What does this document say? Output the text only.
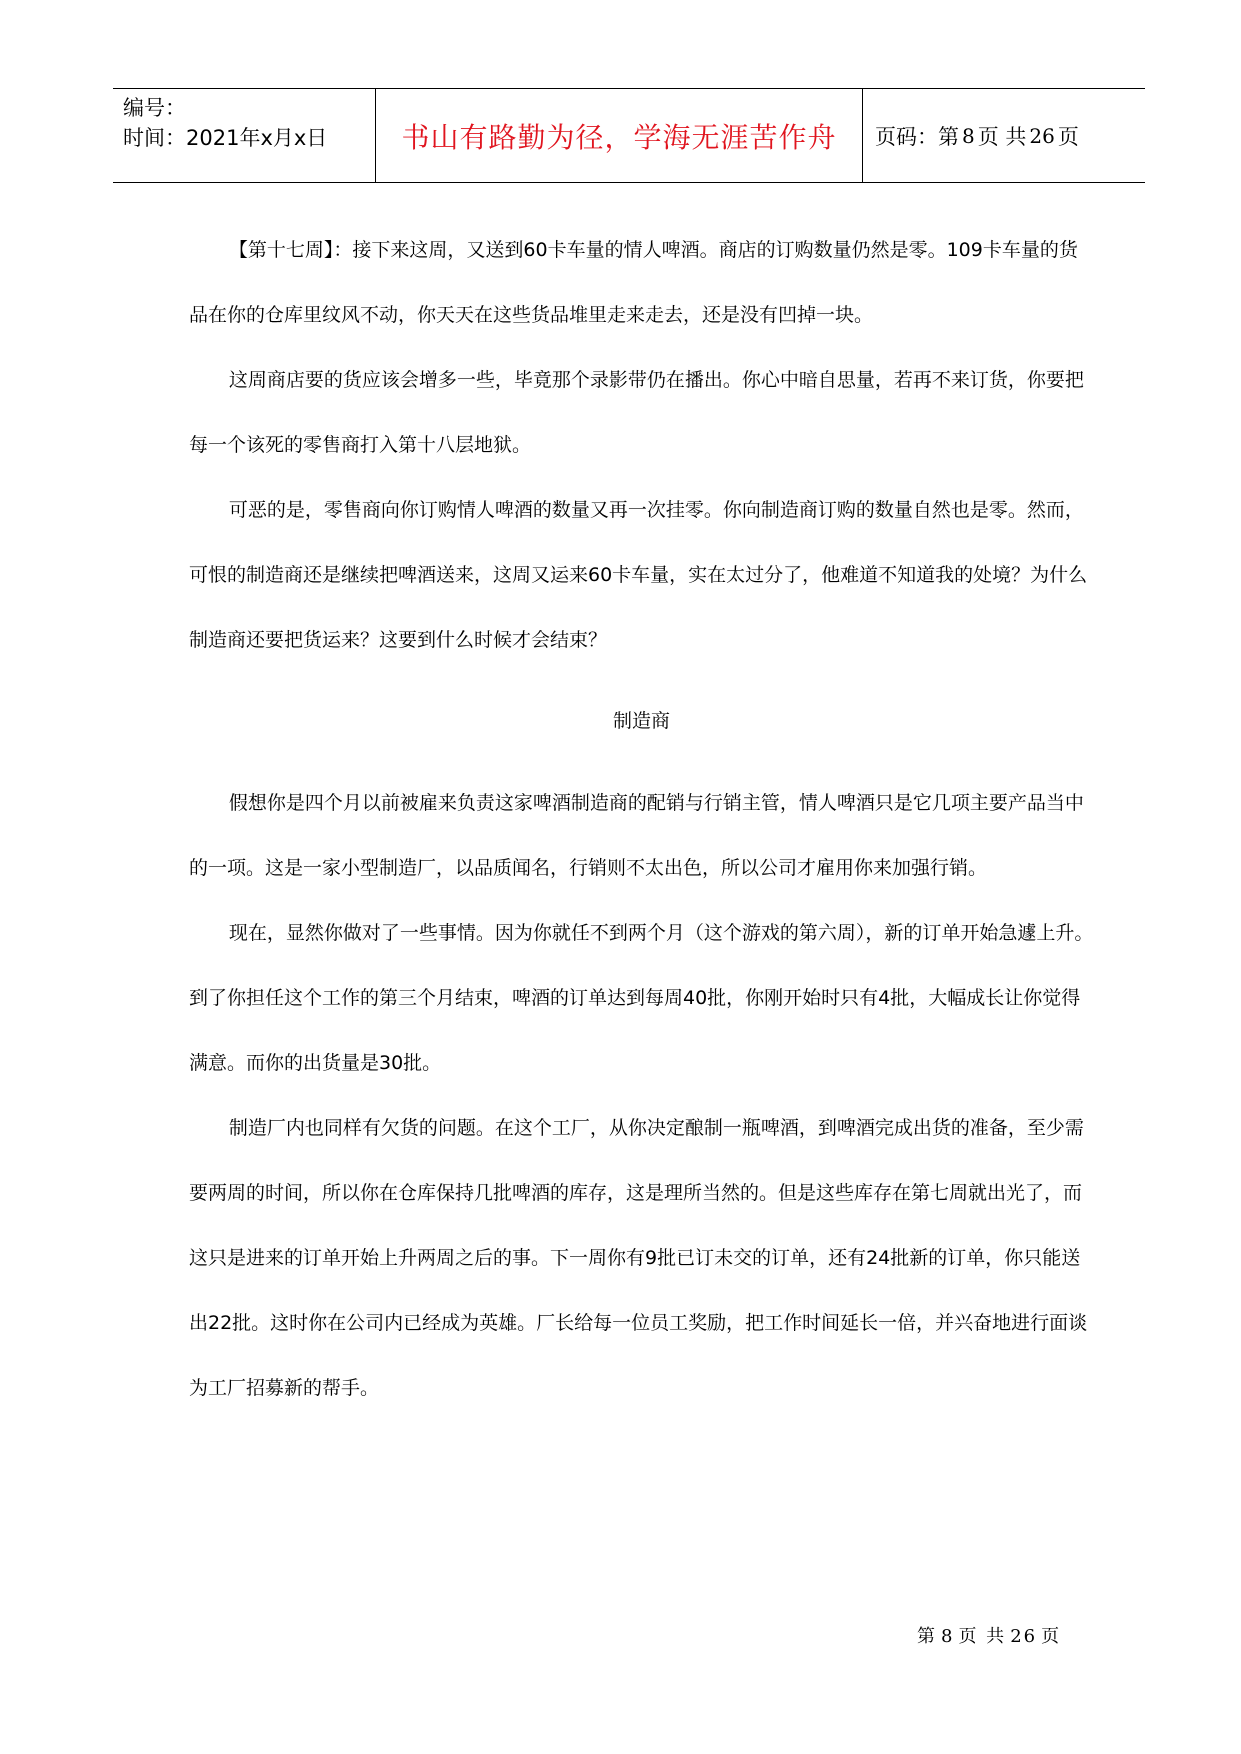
编号：
时间：2021年x月x日	书山有路勤为径，学海无涯苦作舟	页码：第 8 页 共 26 页

【第十七周】：接下来这周，又送到60卡车量的情人啤酒。商店的订购数量仍然是零。109卡车量的货品在你的仓库里纹风不动，你天天在这些货品堆里走来走去，还是没有凹掉一块。

这周商店要的货应该会增多一些，毕竟那个录影带仍在播出。你心中暗自思量，若再不来订货，你要把每一个该死的零售商打入第十八层地狱。

可恶的是，零售商向你订购情人啤酒的数量又再一次挂零。你向制造商订购的数量自然也是零。然而，可恨的制造商还是继续把啤酒送来，这周又运来60卡车量，实在太过分了，他难道不知道我的处境？为什么制造商还要把货运来？这要到什么时候才会结束？

制造商

假想你是四个月以前被雇来负责这家啤酒制造商的配销与行销主管，情人啤酒只是它几项主要产品当中的一项。这是一家小型制造厂，以品质闻名，行销则不太出色，所以公司才雇用你来加强行销。

现在，显然你做对了一些事情。因为你就任不到两个月（这个游戏的第六周），新的订单开始急遽上升。到了你担任这个工作的第三个月结束，啤酒的订单达到每周40批，你刚开始时只有4批，大幅成长让你觉得满意。而你的出货量是30批。

制造厂内也同样有欠货的问题。在这个工厂，从你决定酿制一瓶啤酒，到啤酒完成出货的准备，至少需要两周的时间，所以你在仓库保持几批啤酒的库存，这是理所当然的。但是这些库存在第七周就出光了，而这只是进来的订单开始上升两周之后的事。下一周你有9批已订未交的订单，还有24批新的订单，你只能送出22批。这时你在公司内已经成为英雄。厂长给每一位员工奖励，把工作时间延长一倍，并兴奋地进行面谈为工厂招募新的帮手。

第 8 页 共 26 页
